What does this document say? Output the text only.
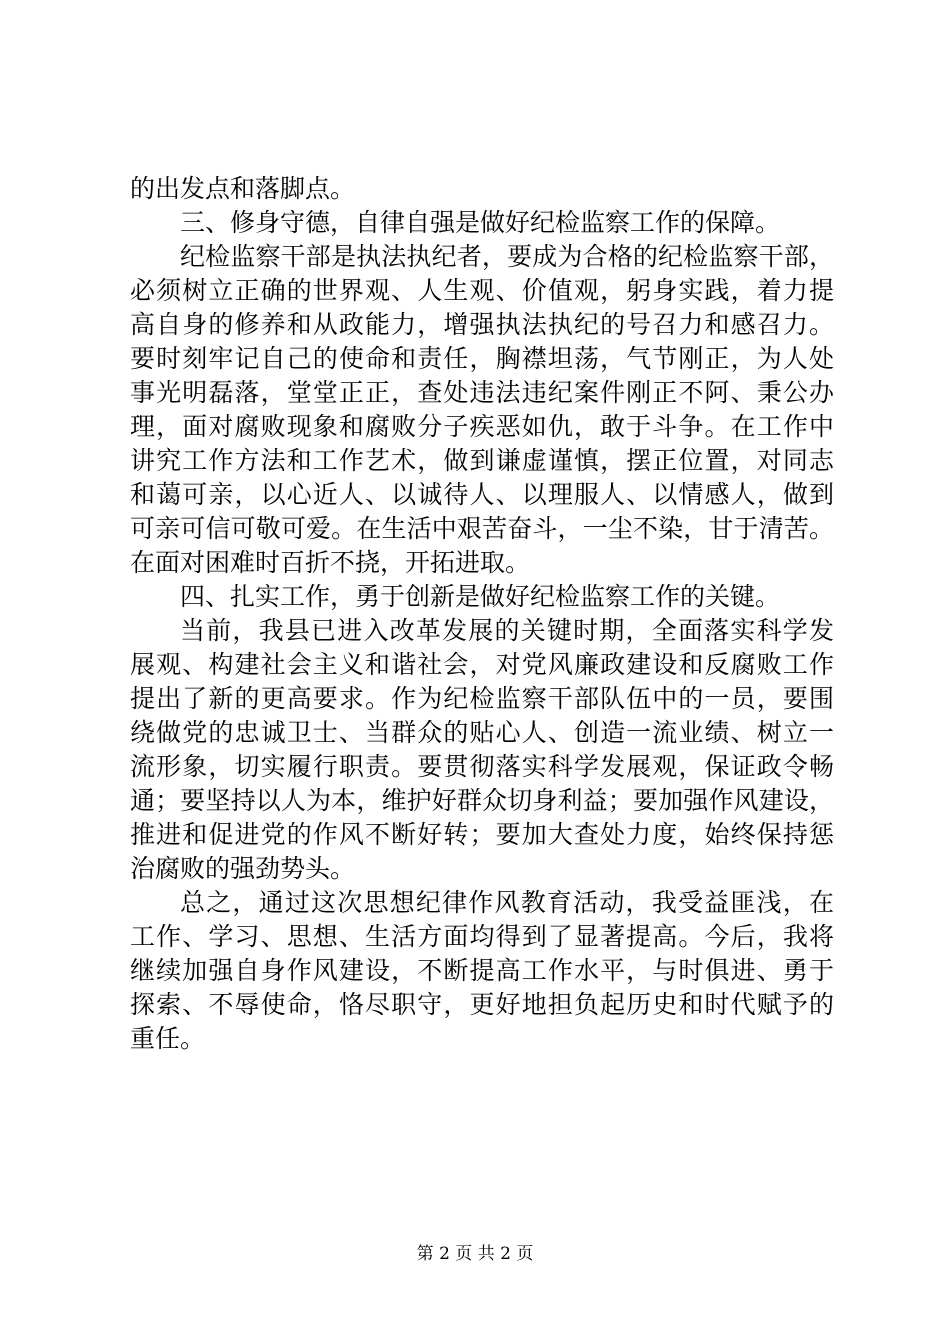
的出发点和落脚点。
三、修身守德，自律自强是做好纪检监察工作的保障。
纪检监察干部是执法执纪者，要成为合格的纪检监察干部，
必须树立正确的世界观、人生观、价值观，躬身实践，着力提
高自身的修养和从政能力，增强执法执纪的号召力和感召力。
要时刻牢记自己的使命和责任，胸襟坦荡，气节刚正，为人处
事光明磊落，堂堂正正，查处违法违纪案件刚正不阿、秉公办
理，面对腐败现象和腐败分子疾恶如仇，敢于斗争。在工作中
讲究工作方法和工作艺术，做到谦虚谨慎，摆正位置，对同志
和蔼可亲，以心近人、以诚待人、以理服人、以情感人，做到
可亲可信可敬可爱。在生活中艰苦奋斗，一尘不染，甘于清苦。
在面对困难时百折不挠，开拓进取。
四、扎实工作，勇于创新是做好纪检监察工作的关键。
当前，我县已进入改革发展的关键时期，全面落实科学发
展观、构建社会主义和谐社会，对党风廉政建设和反腐败工作
提出了新的更高要求。作为纪检监察干部队伍中的一员，要围
绕做党的忠诚卫士、当群众的贴心人、创造一流业绩、树立一
流形象，切实履行职责。要贯彻落实科学发展观，保证政令畅
通；要坚持以人为本，维护好群众切身利益；要加强作风建设，
推进和促进党的作风不断好转；要加大查处力度，始终保持惩
治腐败的强劲势头。
总之，通过这次思想纪律作风教育活动，我受益匪浅，在
工作、学习、思想、生活方面均得到了显著提高。今后，我将
继续加强自身作风建设，不断提高工作水平，与时俱进、勇于
探索、不辱使命，恪尽职守，更好地担负起历史和时代赋予的
重任。
第 2 页 共 2 页
